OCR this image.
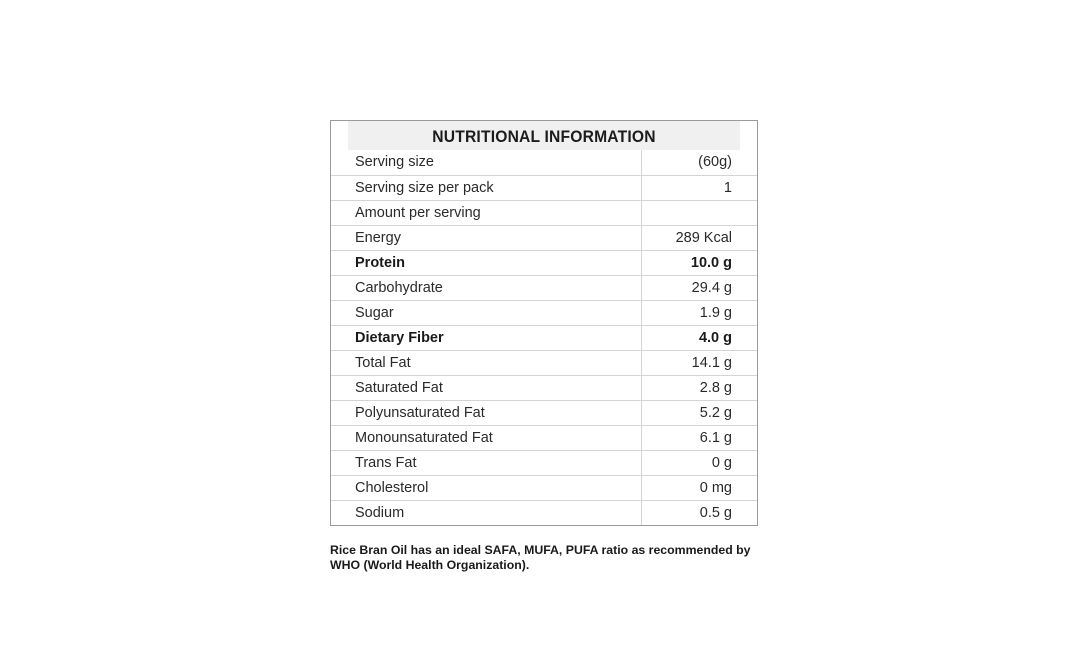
NUTRITIONAL INFORMATION
Serving size	(60g)
Serving size per pack	1
Amount per serving	
Energy	289 Kcal
Protein	10.0 g
Carbohydrate	29.4 g
Sugar	1.9 g
Dietary Fiber	4.0 g
Total Fat	14.1 g
Saturated Fat	2.8 g
Polyunsaturated Fat	5.2 g
Monounsaturated Fat	6.1 g
Trans Fat	0 g
Cholesterol	0 mg
Sodium	0.5 g
Rice Bran Oil has an ideal SAFA, MUFA, PUFA ratio as recommended by
WHO (World Health Organization).
